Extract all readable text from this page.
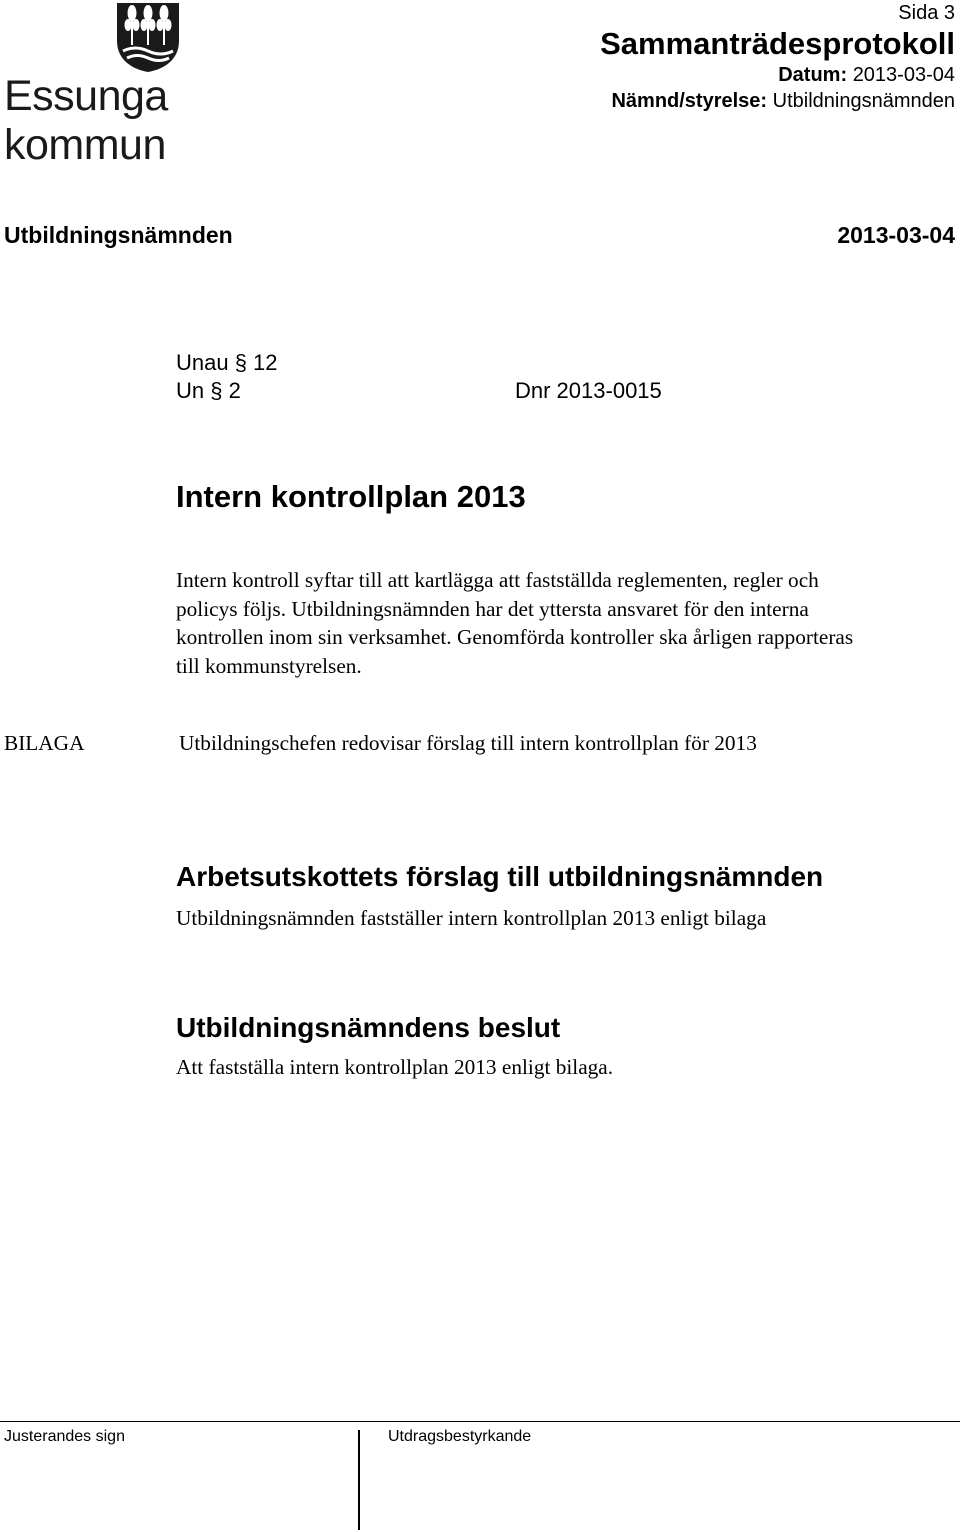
Essunga kommun
Sida 3
Sammanträdesprotokoll
Datum: 2013-03-04
Nämnd/styrelse: Utbildningsnämnden
Utbildningsnämnden	2013-03-04
Unau § 12
Un § 2	Dnr 2013-0015
Intern kontrollplan 2013
Intern kontroll syftar till att kartlägga att fastställda reglementen, regler och
policys följs. Utbildningsnämnden har det yttersta ansvaret för den interna
kontrollen inom sin verksamhet. Genomförda kontroller ska årligen rapporteras
till kommunstyrelsen.
BILAGA	Utbildningschefen redovisar förslag till intern kontrollplan för 2013
Arbetsutskottets förslag till utbildningsnämnden
Utbildningsnämnden fastställer intern kontrollplan 2013 enligt bilaga
Utbildningsnämndens beslut
Att fastställa intern kontrollplan 2013 enligt bilaga.
Justerandes sign	Utdragsbestyrkande
